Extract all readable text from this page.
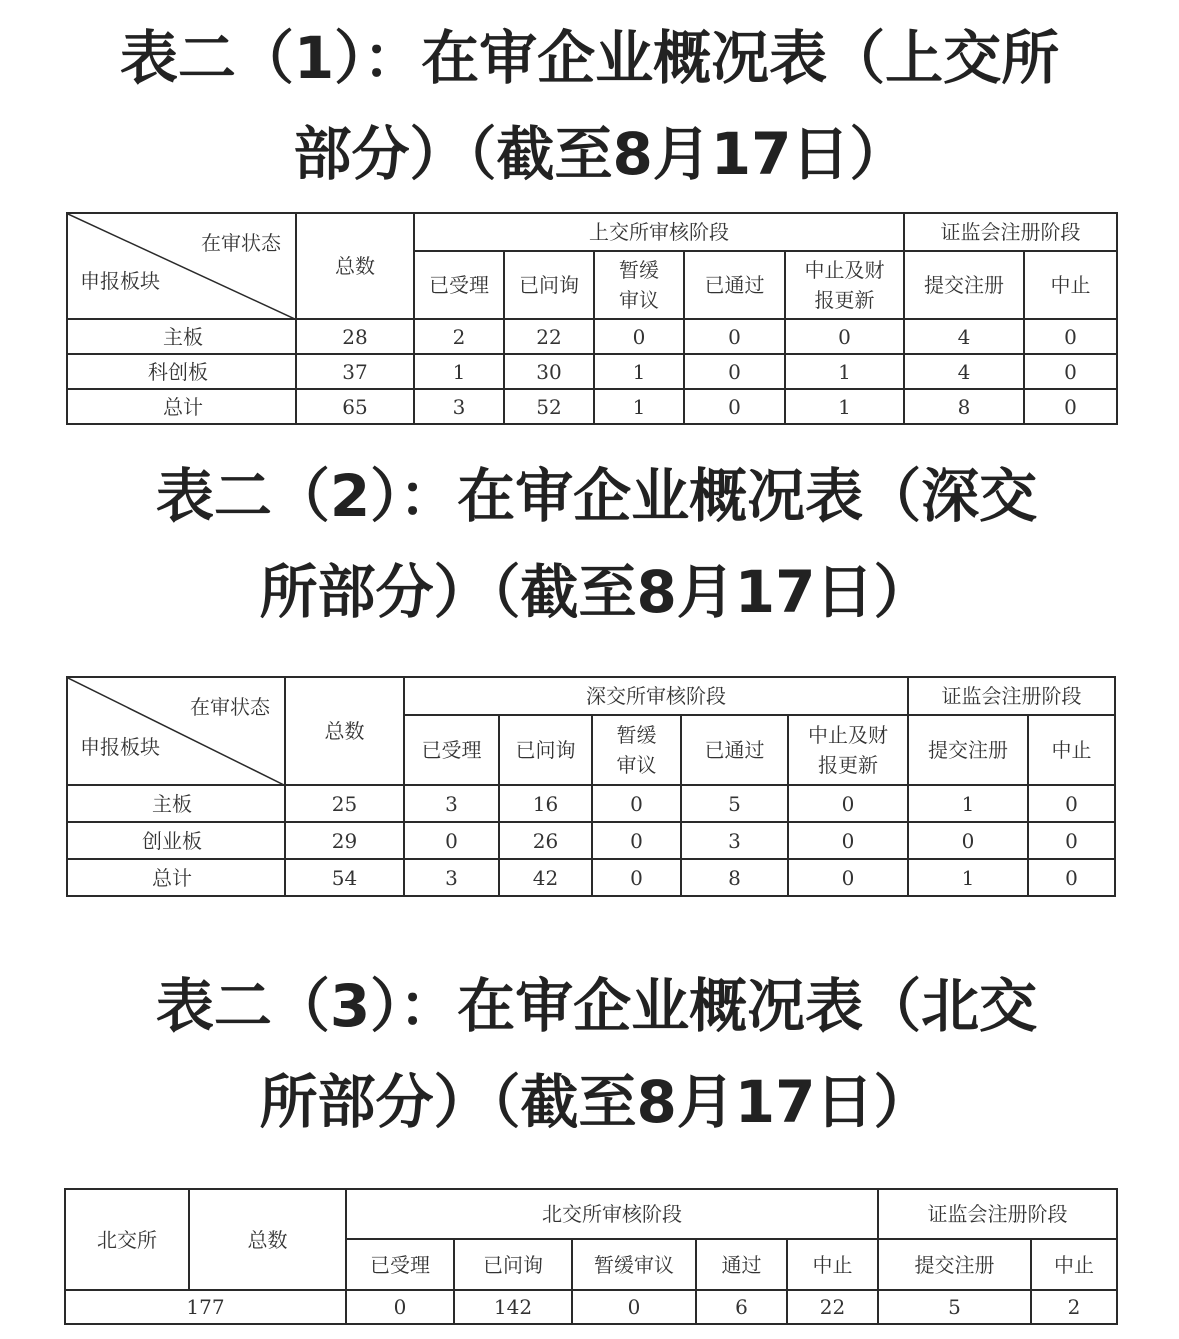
表二（1）：在审企业概况表（上交所
部分）（截至8月17日）
在审状态
申报板块	总数	上交所审核阶段					证监会注册阶段	
		已受理	已问询	暂缓审议	已通过	中止及财报更新	提交注册	中止
主板	28	2	22	0	0	0	4	0
科创板	37	1	30	1	0	1	4	0
总计	65	3	52	1	0	1	8	0
表二（2）：在审企业概况表（深交
所部分）（截至8月17日）
在审状态
申报板块	总数	深交所审核阶段					证监会注册阶段	
		已受理	已问询	暂缓审议	已通过	中止及财报更新	提交注册	中止
主板	25	3	16	0	5	0	1	0
创业板	29	0	26	0	3	0	0	0
总计	54	3	42	0	8	0	1	0
表二（3）：在审企业概况表（北交
所部分）（截至8月17日）
北交所	总数	北交所审核阶段					证监会注册阶段	
		已受理	已问询	暂缓审议	通过	中止	提交注册	中止
177		0	142	0	6	22	5	2
